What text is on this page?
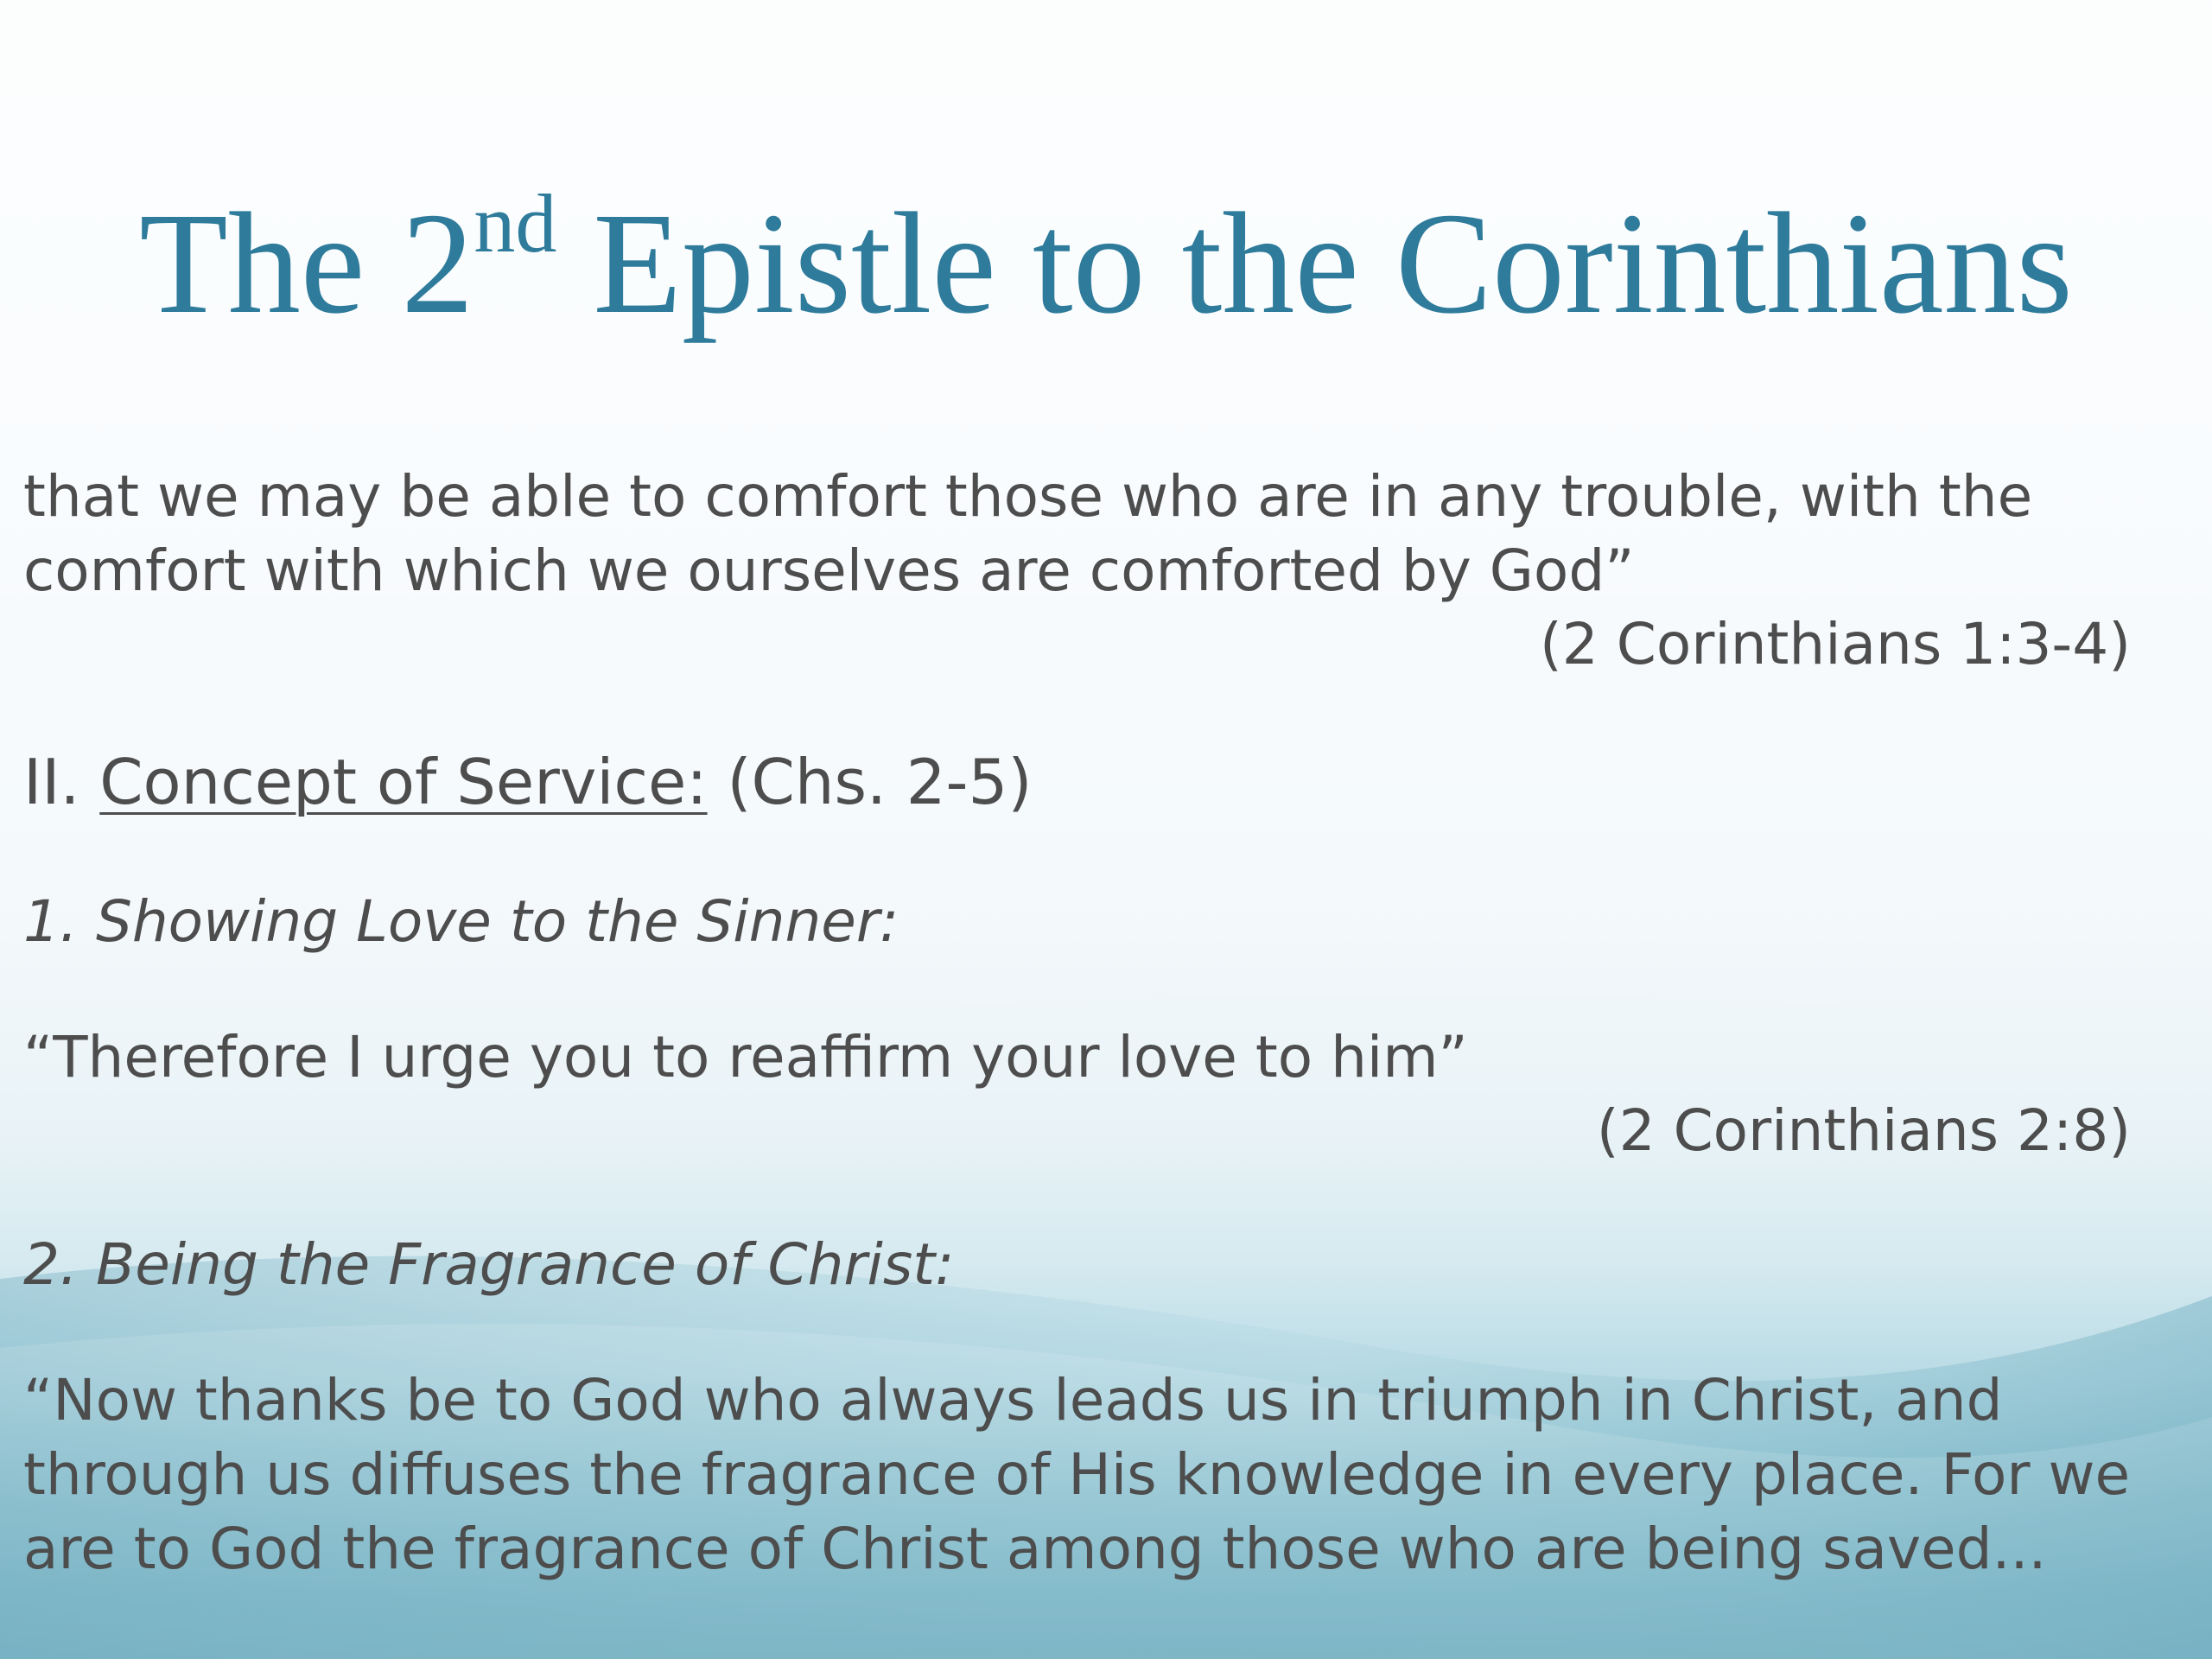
The 2nd Epistle to the Corinthians
that we may be able to comfort those who are in any trouble, with the
comfort with which we ourselves are comforted by God”
(2 Corinthians 1:3-4)
II. Concept of Service: (Chs. 2-5)
1. Showing Love to the Sinner:
“Therefore I urge you to reaffirm your love to him”
(2 Corinthians 2:8)
2. Being the Fragrance of Christ:
“Now thanks be to God who always leads us in triumph in Christ, and
through us diffuses the fragrance of His knowledge in every place. For we
are to God the fragrance of Christ among those who are being saved...
